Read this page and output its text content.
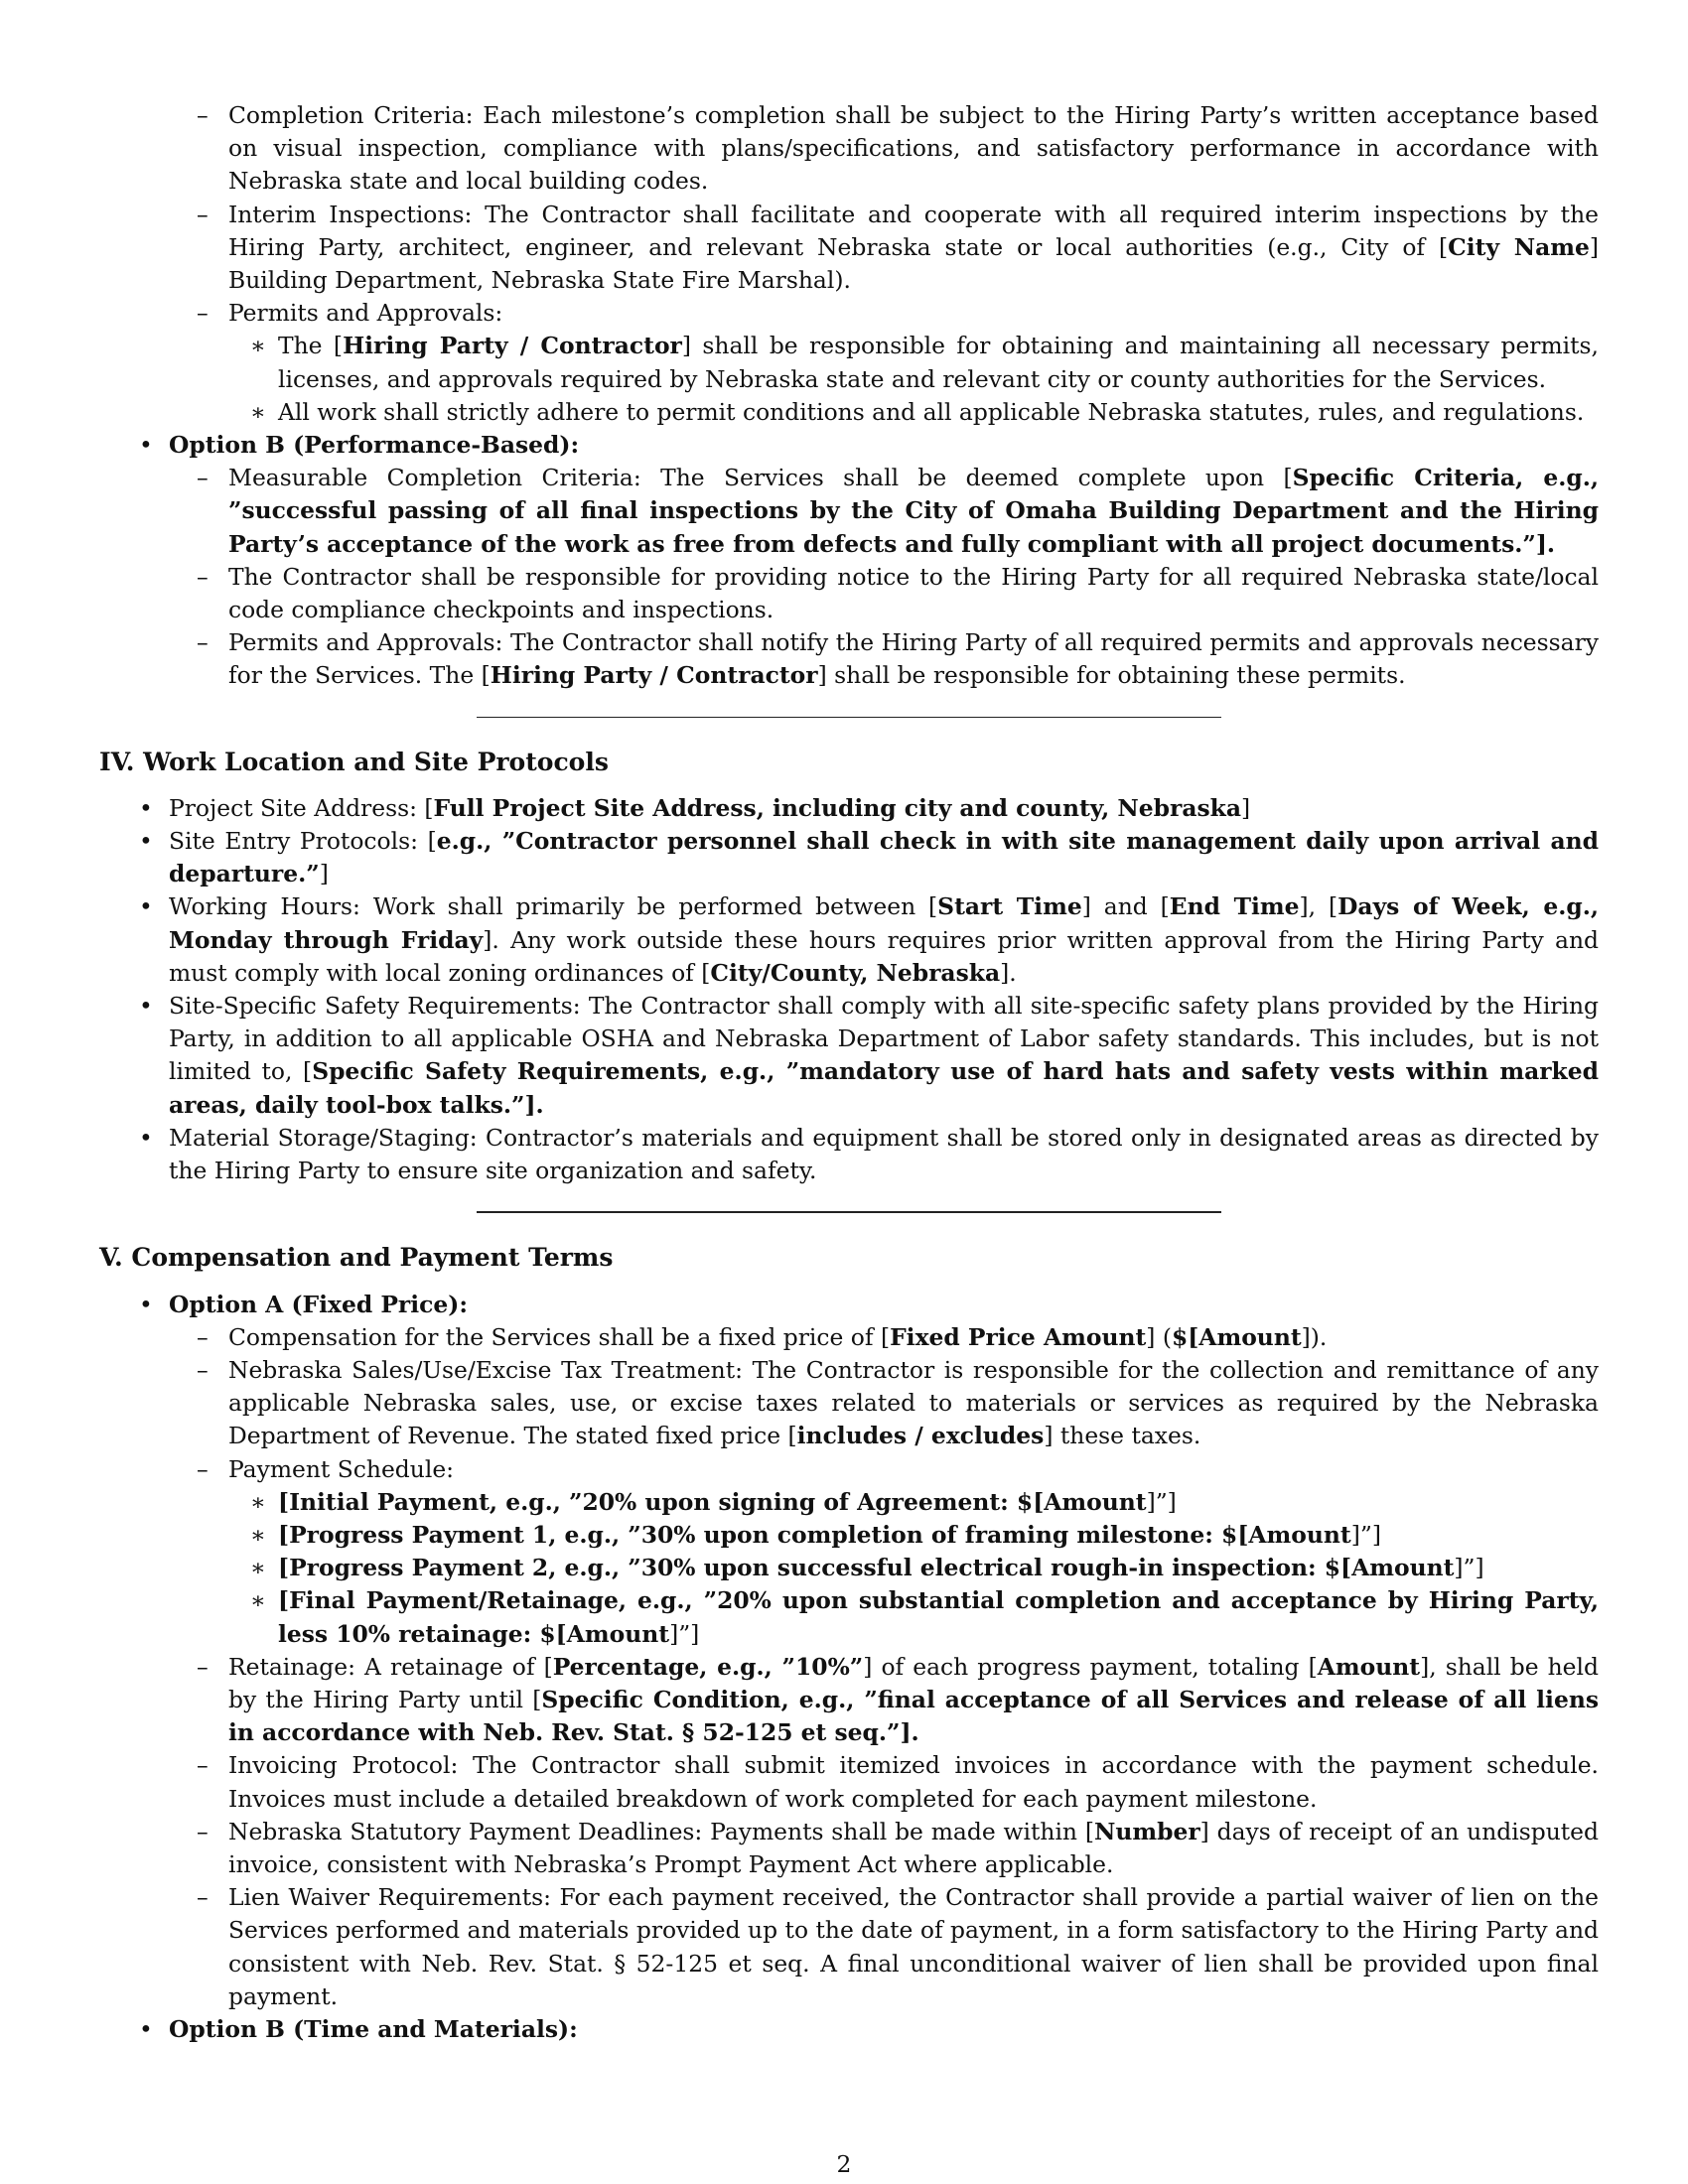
– Completion Criteria: Each milestone’s completion shall be subject to the Hiring Party’s written acceptance based on visual inspection, compliance with plans/specifications, and satisfactory performance in accordance with Nebraska state and local building codes.
– Interim Inspections: The Contractor shall facilitate and cooperate with all required interim inspections by the Hiring Party, architect, engineer, and relevant Nebraska state or local authorities (e.g., City of [City Name] Building Department, Nebraska State Fire Marshal).
– Permits and Approvals:
∗ The [Hiring Party / Contractor] shall be responsible for obtaining and maintaining all necessary permits, licenses, and approvals required by Nebraska state and relevant city or county authorities for the Services.
∗ All work shall strictly adhere to permit conditions and all applicable Nebraska statutes, rules, and regulations.
• Option B (Performance-Based):
– Measurable Completion Criteria: The Services shall be deemed complete upon [Specific Criteria, e.g., ”successful passing of all final inspections by the City of Omaha Building Department and the Hiring Party’s acceptance of the work as free from defects and fully compliant with all project documents.”].
– The Contractor shall be responsible for providing notice to the Hiring Party for all required Nebraska state/local code compliance checkpoints and inspections.
– Permits and Approvals: The Contractor shall notify the Hiring Party of all required permits and approvals necessary for the Services. The [Hiring Party / Contractor] shall be responsible for obtaining these permits.
IV. Work Location and Site Protocols
• Project Site Address: [Full Project Site Address, including city and county, Nebraska]
• Site Entry Protocols: [e.g., ”Contractor personnel shall check in with site management daily upon arrival and departure.”]
• Working Hours: Work shall primarily be performed between [Start Time] and [End Time], [Days of Week, e.g., Monday through Friday]. Any work outside these hours requires prior written approval from the Hiring Party and must comply with local zoning ordinances of [City/County, Nebraska].
• Site-Specific Safety Requirements: The Contractor shall comply with all site-specific safety plans provided by the Hiring Party, in addition to all applicable OSHA and Nebraska Department of Labor safety standards. This includes, but is not limited to, [Specific Safety Requirements, e.g., ”mandatory use of hard hats and safety vests within marked areas, daily tool-box talks.”].
• Material Storage/Staging: Contractor’s materials and equipment shall be stored only in designated areas as directed by the Hiring Party to ensure site organization and safety.
V. Compensation and Payment Terms
• Option A (Fixed Price):
– Compensation for the Services shall be a fixed price of [Fixed Price Amount] ($[Amount]).
– Nebraska Sales/Use/Excise Tax Treatment: The Contractor is responsible for the collection and remittance of any applicable Nebraska sales, use, or excise taxes related to materials or services as required by the Nebraska Department of Revenue. The stated fixed price [includes / excludes] these taxes.
– Payment Schedule:
∗ [Initial Payment, e.g., ”20% upon signing of Agreement: $[Amount]”]
∗ [Progress Payment 1, e.g., ”30% upon completion of framing milestone: $[Amount]”]
∗ [Progress Payment 2, e.g., ”30% upon successful electrical rough-in inspection: $[Amount]”]
∗ [Final Payment/Retainage, e.g., ”20% upon substantial completion and acceptance by Hiring Party, less 10% retainage: $[Amount]”]
– Retainage: A retainage of [Percentage, e.g., ”10%”] of each progress payment, totaling [Amount], shall be held by the Hiring Party until [Specific Condition, e.g., ”final acceptance of all Services and release of all liens in accordance with Neb. Rev. Stat. § 52-125 et seq.”].
– Invoicing Protocol: The Contractor shall submit itemized invoices in accordance with the payment schedule. Invoices must include a detailed breakdown of work completed for each payment milestone.
– Nebraska Statutory Payment Deadlines: Payments shall be made within [Number] days of receipt of an undisputed invoice, consistent with Nebraska’s Prompt Payment Act where applicable.
– Lien Waiver Requirements: For each payment received, the Contractor shall provide a partial waiver of lien on the Services performed and materials provided up to the date of payment, in a form satisfactory to the Hiring Party and consistent with Neb. Rev. Stat. § 52-125 et seq. A final unconditional waiver of lien shall be provided upon final payment.
• Option B (Time and Materials):
2
